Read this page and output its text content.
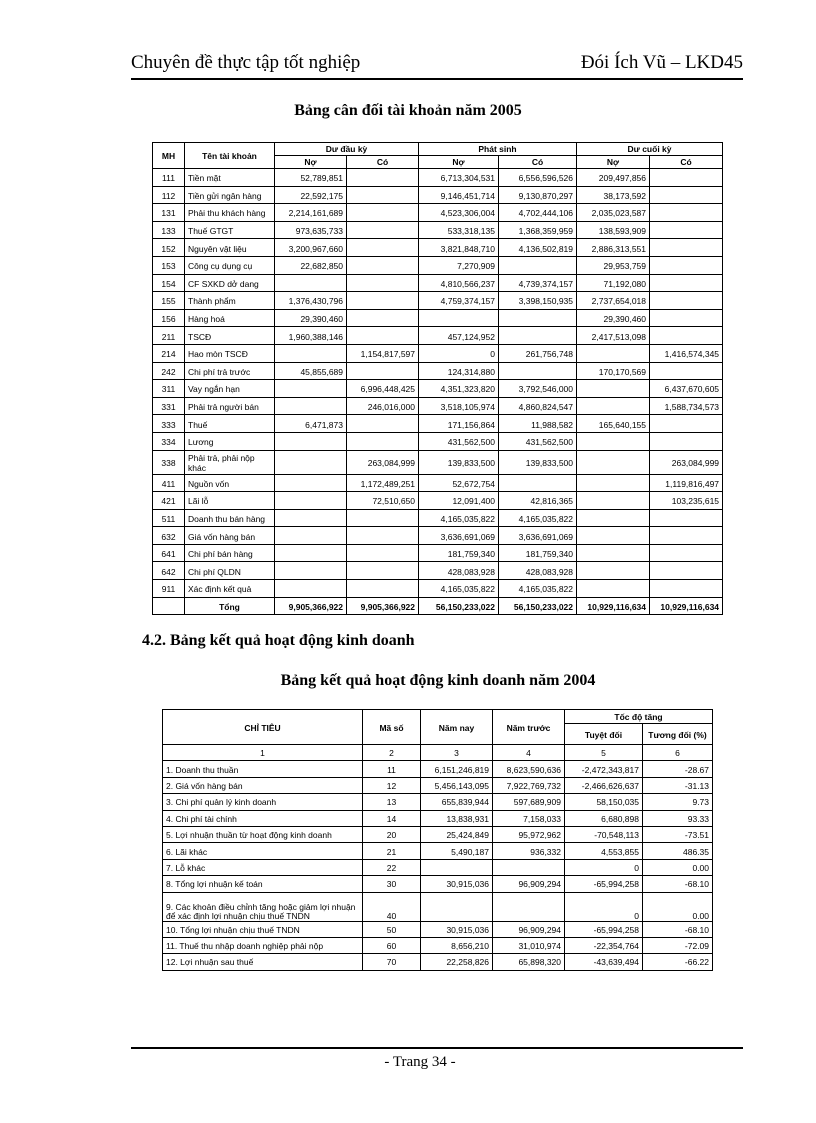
Chuyên đề thực tập tốt nghiệp	Đói Ích Vũ – LKD45
Bảng cân đối tài khoản năm 2005
MH	Tên tài khoản	Dư đầu kỳ		Phát sinh		Dư cuối kỳ	
		Nợ	Có	Nợ	Có	Nợ	Có
111	Tiền mặt	52,789,851		6,713,304,531	6,556,596,526	209,497,856	
112	Tiền gửi ngân hàng	22,592,175		9,146,451,714	9,130,870,297	38,173,592	
131	Phải thu khách hàng	2,214,161,689		4,523,306,004	4,702,444,106	2,035,023,587	
133	Thuế GTGT	973,635,733		533,318,135	1,368,359,959	138,593,909	
152	Nguyên vật liệu	3,200,967,660		3,821,848,710	4,136,502,819	2,886,313,551	
153	Công cụ dụng cụ	22,682,850		7,270,909		29,953,759	
154	CF SXKD dở dang			4,810,566,237	4,739,374,157	71,192,080	
155	Thành phẩm	1,376,430,796		4,759,374,157	3,398,150,935	2,737,654,018	
156	Hàng hoá	29,390,460				29,390,460	
211	TSCĐ	1,960,388,146		457,124,952		2,417,513,098	
214	Hao mòn TSCĐ		1,154,817,597	0	261,756,748		1,416,574,345
242	Chi phí trả trước	45,855,689		124,314,880		170,170,569	
311	Vay ngắn hạn		6,996,448,425	4,351,323,820	3,792,546,000		6,437,670,605
331	Phải trả người bán		246,016,000	3,518,105,974	4,860,824,547		1,588,734,573
333	Thuế	6,471,873		171,156,864	11,988,582	165,640,155	
334	Lương			431,562,500	431,562,500		
338	Phải trả, phải nộp khác		263,084,999	139,833,500	139,833,500		263,084,999
411	Nguồn vốn		1,172,489,251	52,672,754			1,119,816,497
421	Lãi lỗ		72,510,650	12,091,400	42,816,365		103,235,615
511	Doanh thu bán hàng			4,165,035,822	4,165,035,822		
632	Giá vốn hàng bán			3,636,691,069	3,636,691,069		
641	Chi phí bán hàng			181,759,340	181,759,340		
642	Chi phí QLDN			428,083,928	428,083,928		
911	Xác định kết quả			4,165,035,822	4,165,035,822		
	Tổng	9,905,366,922	9,905,366,922	56,150,233,022	56,150,233,022	10,929,116,634	10,929,116,634
4.2. Bảng kết quả hoạt động kinh doanh
Bảng kết quả hoạt động kinh doanh năm 2004
CHỈ TIÊU	Mã số	Năm nay	Năm trước	Tốc độ tăng	
				Tuyệt đối	Tương đối (%)
1	2	3	4	5	6
1. Doanh thu thuần	11	6,151,246,819	8,623,590,636	-2,472,343,817	-28.67
2. Giá vốn hàng bán	12	5,456,143,095	7,922,769,732	-2,466,626,637	-31.13
3. Chi phí quản lý kinh doanh	13	655,839,944	597,689,909	58,150,035	9.73
4. Chi phí tài chính	14	13,838,931	7,158,033	6,680,898	93.33
5. Lợi nhuận thuần từ hoạt động kinh doanh	20	25,424,849	95,972,962	-70,548,113	-73.51
6. Lãi khác	21	5,490,187	936,332	4,553,855	486.35
7. Lỗ khác	22			0	0.00
8. Tổng lợi nhuận kế toán	30	30,915,036	96,909,294	-65,994,258	-68.10
9. Các khoản điều chỉnh tăng hoặc giảm lợi nhuận để xác định lợi nhuận chịu thuế TNDN	40			0	0.00
10. Tổng lợi nhuận chịu thuế TNDN	50	30,915,036	96,909,294	-65,994,258	-68.10
11. Thuế thu nhập doanh nghiệp phải nộp	60	8,656,210	31,010,974	-22,354,764	-72.09
12. Lợi nhuận sau thuế	70	22,258,826	65,898,320	-43,639,494	-66.22
- Trang 34 -
